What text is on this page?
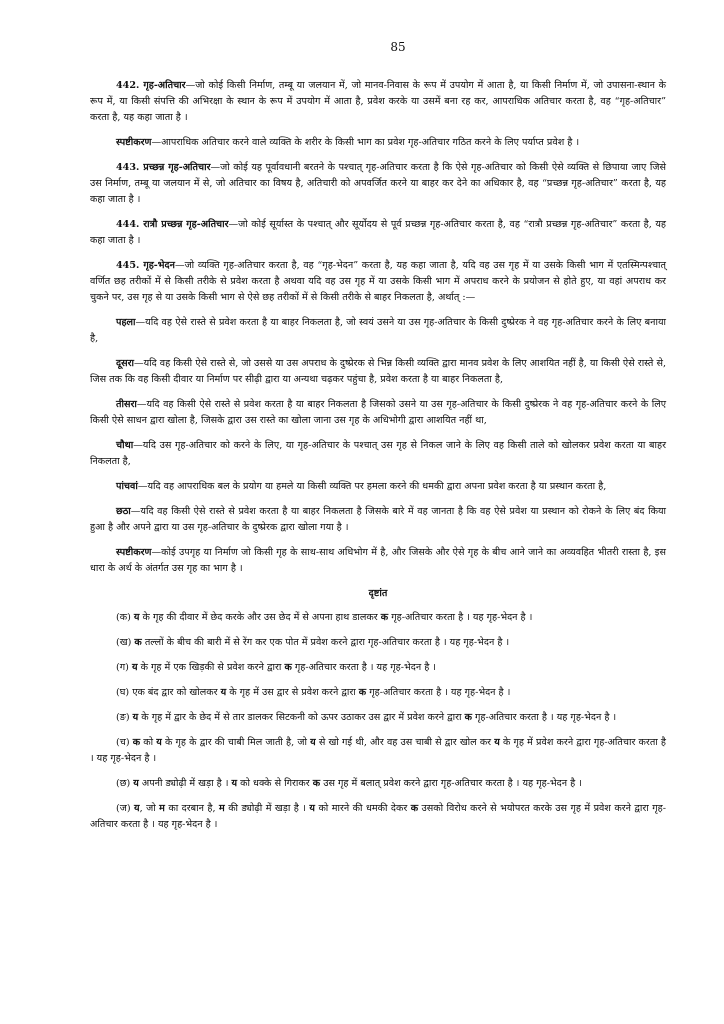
85

442. गृह-अतिचार—जो कोई किसी निर्माण, तम्बू या जलयान में, जो मानव-निवास के रूप में उपयोग में आता है, या किसी निर्माण में, जो उपासना-स्थान के रूप में, या किसी संपत्ति की अभिरक्षा के स्थान के रूप में उपयोग में आता है, प्रवेश करके या उसमें बना रह कर, आपराधिक अतिचार करता है, वह “गृह-अतिचार” करता है, यह कहा जाता है ।

स्पष्टीकरण—आपराधिक अतिचार करने वाले व्यक्ति के शरीर के किसी भाग का प्रवेश गृह-अतिचार गठित करने के लिए पर्याप्त प्रवेश है ।

443. प्रच्छन्न गृह-अतिचार—जो कोई यह पूर्वावधानी बरतने के पश्चात् गृह-अतिचार करता है कि ऐसे गृह-अतिचार को किसी ऐसे व्यक्ति से छिपाया जाए जिसे उस निर्माण, तम्बू या जलयान में से, जो अतिचार का विषय है, अतिचारी को अपवर्जित करने या बाहर कर देने का अधिकार है, वह “प्रच्छन्न गृह-अतिचार” करता है, यह कहा जाता है ।

444. रात्रौ प्रच्छन्न गृह-अतिचार—जो कोई सूर्यास्त के पश्चात् और सूर्योदय से पूर्व प्रच्छन्न गृह-अतिचार करता है, वह “रात्रौ प्रच्छन्न गृह-अतिचार” करता है, यह कहा जाता है ।

445. गृह-भेदन—जो व्यक्ति गृह-अतिचार करता है, वह “गृह-भेदन” करता है, यह कहा जाता है, यदि वह उस गृह में या उसके किसी भाग में एतस्मिन्पश्चात् वर्णित छह तरीकों में से किसी तरीके से प्रवेश करता है अथवा यदि वह उस गृह में या उसके किसी भाग में अपराध करने के प्रयोजन से होते हुए, या वहां अपराध कर चुकने पर, उस गृह से या उसके किसी भाग से ऐसे छह तरीकों में से किसी तरीके से बाहर निकलता है, अर्थात् :—

पहला—यदि वह ऐसे रास्ते से प्रवेश करता है या बाहर निकलता है, जो स्वयं उसने या उस गृह-अतिचार के किसी दुष्प्रेरक ने वह गृह-अतिचार करने के लिए बनाया है,

दूसरा—यदि वह किसी ऐसे रास्ते से, जो उससे या उस अपराध के दुष्प्रेरक से भिन्न किसी व्यक्ति द्वारा मानव प्रवेश के लिए आशयित नहीं है, या किसी ऐसे रास्ते से, जिस तक कि वह किसी दीवार या निर्माण पर सीढ़ी द्वारा या अन्यथा चढ़कर पहुंचा है, प्रवेश करता है या बाहर निकलता है,

तीसरा—यदि वह किसी ऐसे रास्ते से प्रवेश करता है या बाहर निकलता है जिसको उसने या उस गृह-अतिचार के किसी दुष्प्रेरक ने वह गृह-अतिचार करने के लिए किसी ऐसे साधन द्वारा खोला है, जिसके द्वारा उस रास्ते का खोला जाना उस गृह के अधिभोगी द्वारा आशयित नहीं था,

चौथा—यदि उस गृह-अतिचार को करने के लिए, या गृह-अतिचार के पश्चात् उस गृह से निकल जाने के लिए वह किसी ताले को खोलकर प्रवेश करता या बाहर निकलता है,

पांचवां—यदि वह आपराधिक बल के प्रयोग या हमले या किसी व्यक्ति पर हमला करने की धमकी द्वारा अपना प्रवेश करता है या प्रस्थान करता है,

छठा—यदि वह किसी ऐसे रास्ते से प्रवेश करता है या बाहर निकलता है जिसके बारे में वह जानता है कि वह ऐसे प्रवेश या प्रस्थान को रोकने के लिए बंद किया हुआ है और अपने द्वारा या उस गृह-अतिचार के दुष्प्रेरक द्वारा खोला गया है ।

स्पष्टीकरण—कोई उपगृह या निर्माण जो किसी गृह के साथ-साथ अधिभोग में है, और जिसके और ऐसे गृह के बीच आने जाने का अव्यवहित भीतरी रास्ता है, इस धारा के अर्थ के अंतर्गत उस गृह का भाग है ।

दृष्टांत

(क) य के गृह की दीवार में छेद करके और उस छेद में से अपना हाथ डालकर क गृह-अतिचार करता है । यह गृह-भेदन है ।

(ख) क तल्लों के बीच की बारी में से रेंग कर एक पोत में प्रवेश करने द्वारा गृह-अतिचार करता है । यह गृह-भेदन है ।

(ग) य के गृह में एक खिड़की से प्रवेश करने द्वारा क गृह-अतिचार करता है । यह गृह-भेदन है ।

(घ) एक बंद द्वार को खोलकर य के गृह में उस द्वार से प्रवेश करने द्वारा क गृह-अतिचार करता है । यह गृह-भेदन है ।

(ङ) य के गृह में द्वार के छेद में से तार डालकर सिटकनी को ऊपर उठाकर उस द्वार में प्रवेश करने द्वारा क गृह-अतिचार करता है । यह गृह-भेदन है ।

(च) क को य के गृह के द्वार की चाबी मिल जाती है, जो य से खो गई थी, और वह उस चाबी से द्वार खोल कर य के गृह में प्रवेश करने द्वारा गृह-अतिचार करता है । यह गृह-भेदन है ।

(छ) य अपनी ड्योढ़ी में खड़ा है । य को धक्के से गिराकर क उस गृह में बलात् प्रवेश करने द्वारा गृह-अतिचार करता है । यह गृह-भेदन है ।

(ज) य, जो म का दरबान है, म की ड्योढ़ी में खड़ा है । य को मारने की धमकी देकर क उसको विरोध करने से भयोपरत करके उस गृह में प्रवेश करने द्वारा गृह-अतिचार करता है । यह गृह-भेदन है ।
